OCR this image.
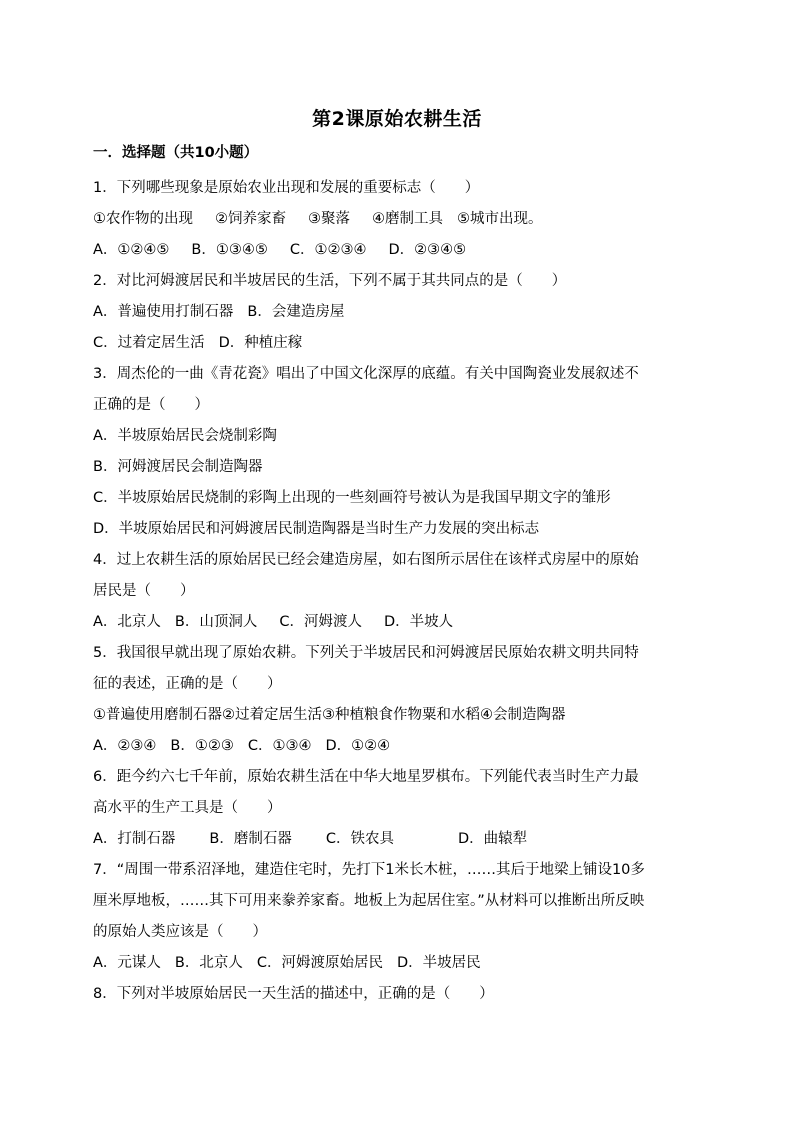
第2课原始农耕生活
一．选择题（共10小题）
1．下列哪些现象是原始农业出现和发展的重要标志（　　）
①农作物的出现 ②饲养家畜 ③聚落 ④磨制工具 ⑤城市出现。
A．①②④⑤ B．①③④⑤ C．①②③④ D．②③④⑤
2．对比河姆渡居民和半坡居民的生活，下列不属于其共同点的是（　　）
A．普遍使用打制石器 B．会建造房屋
C．过着定居生活 D．种植庄稼
3．周杰伦的一曲《青花瓷》唱出了中国文化深厚的底蕴。有关中国陶瓷业发展叙述不
正确的是（　　）
A．半坡原始居民会烧制彩陶
B．河姆渡居民会制造陶器
C．半坡原始居民烧制的彩陶上出现的一些刻画符号被认为是我国早期文字的雏形
D．半坡原始居民和河姆渡居民制造陶器是当时生产力发展的突出标志
4．过上农耕生活的原始居民已经会建造房屋，如右图所示居住在该样式房屋中的原始
居民是（　　）
A．北京人 B．山顶洞人 C．河姆渡人 D．半坡人
5．我国很早就出现了原始农耕。下列关于半坡居民和河姆渡居民原始农耕文明共同特
征的表述，正确的是（　　）
①普遍使用磨制石器②过着定居生活③种植粮食作物粟和水稻④会制造陶器
A．②③④ B．①②③ C．①③④ D．①②④
6．距今约六七千年前，原始农耕生活在中华大地星罗棋布。下列能代表当时生产力最
高水平的生产工具是（　　）
A．打制石器 B．磨制石器 C．铁农具	D．曲辕犁
7．“周围一带系沼泽地，建造住宅时，先打下1米长木桩，……其后于地梁上铺设10多
厘米厚地板，……其下可用来豢养家畜。地板上为起居住室。”从材料可以推断出所反映
的原始人类应该是（　　）
A．元谋人 B．北京人 C．河姆渡原始居民 D．半坡居民
8．下列对半坡原始居民一天生活的描述中，正确的是（　　）
